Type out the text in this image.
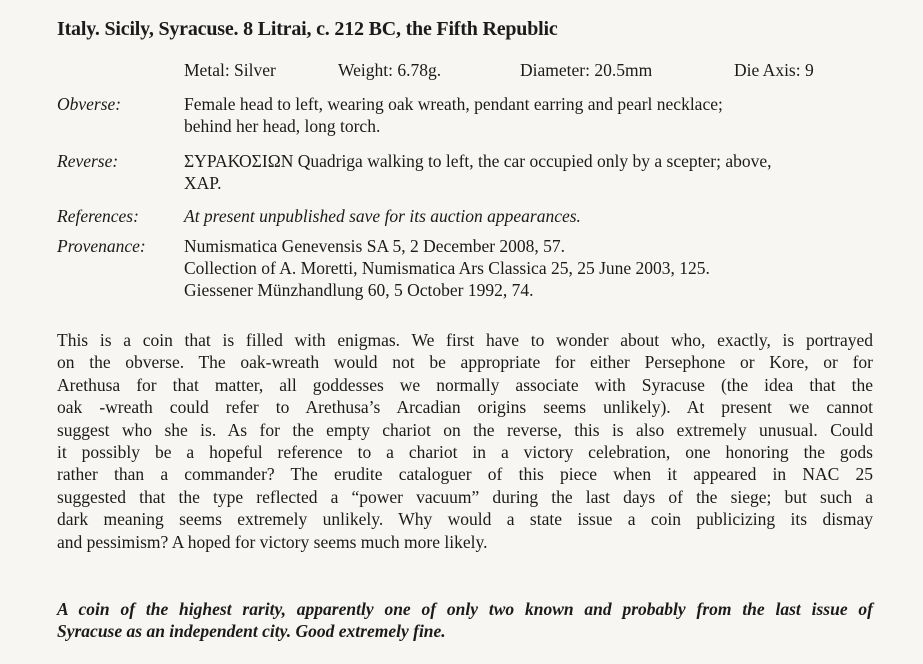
Italy. Sicily, Syracuse. 8 Litrai, c. 212 BC, the Fifth Republic
Metal: Silver	Weight: 6.78g.	Diameter: 20.5mm	Die Axis: 9
Obverse:	Female head to left, wearing oak wreath, pendant earring and pearl necklace;
behind her head, long torch.
Reverse:	ΣΥΡΑΚΟΣΙΩΝ Quadriga walking to left, the car occupied only by a scepter; above,
ΧΑΡ.
References:	At present unpublished save for its auction appearances.
Provenance: Numismatica Genevensis SA 5, 2 December 2008, 57.
Collection of A. Moretti, Numismatica Ars Classica 25, 25 June 2003, 125.
Giessener Münzhandlung 60, 5 October 1992, 74.
This is a coin that is filled with enigmas. We first have to wonder about who, exactly, is portrayed
on the obverse. The oak-wreath would not be appropriate for either Persephone or Kore, or for
Arethusa for that matter, all goddesses we normally associate with Syracuse (the idea that the
oak -wreath could refer to Arethusa’s Arcadian origins seems unlikely). At present we cannot
suggest who she is. As for the empty chariot on the reverse, this is also extremely unusual. Could
it possibly be a hopeful reference to a chariot in a victory celebration, one honoring the gods
rather than a commander? The erudite cataloguer of this piece when it appeared in NAC 25
suggested that the type reflected a “power vacuum” during the last days of the siege; but such a
dark meaning seems extremely unlikely. Why would a state issue a coin publicizing its dismay
and pessimism? A hoped for victory seems much more likely.
A coin of the highest rarity, apparently one of only two known and probably from the last issue of
Syracuse as an independent city. Good extremely fine.
